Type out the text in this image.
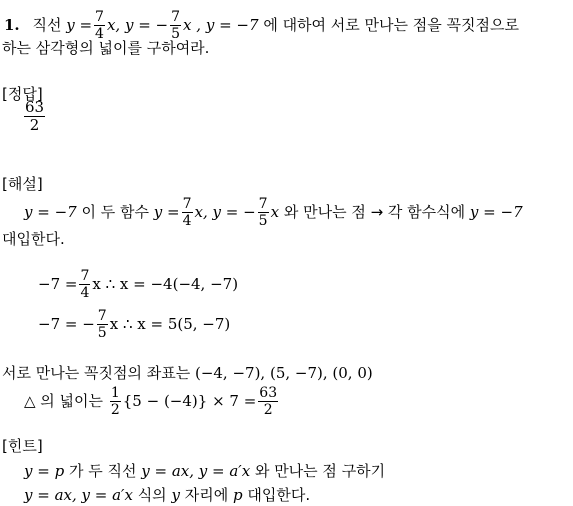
1. 직선 $y = \frac{7}{4} x$, y = − $\frac{7}{5}$ x , y = −7 에 대하여 서로 만나는 점을 꼭짓점으로
하는 삼각형의 넓이를 구하여라.
[정답]
$\frac{63}{2}$
[해설]
y = −7 이 두 함수 $y = \frac{7}{4} x$, y = − $\frac{7}{5}$ x 와 만나는 점 → 각 함수식에 y = −7
대입한다.
$-7 = \frac{7}{4}$ x ∴ x = −4(−4, −7)
−7 = − $\frac{7}{5}$ x ∴ x = 5(5, −7)
서로 만나는 꼭짓점의 좌표는 (−4, −7), (5, −7), (0, 0)
△ 의 넓이는 $\frac{1}{2} \{5 - (-4)\} \times 7 = \frac{63}{2}$
[힌트]
y = p 가 두 직선 y = ax, y = a′x 와 만나는 점 구하기
y = ax, y = a′x 식의 y 자리에 p 대입한다.
